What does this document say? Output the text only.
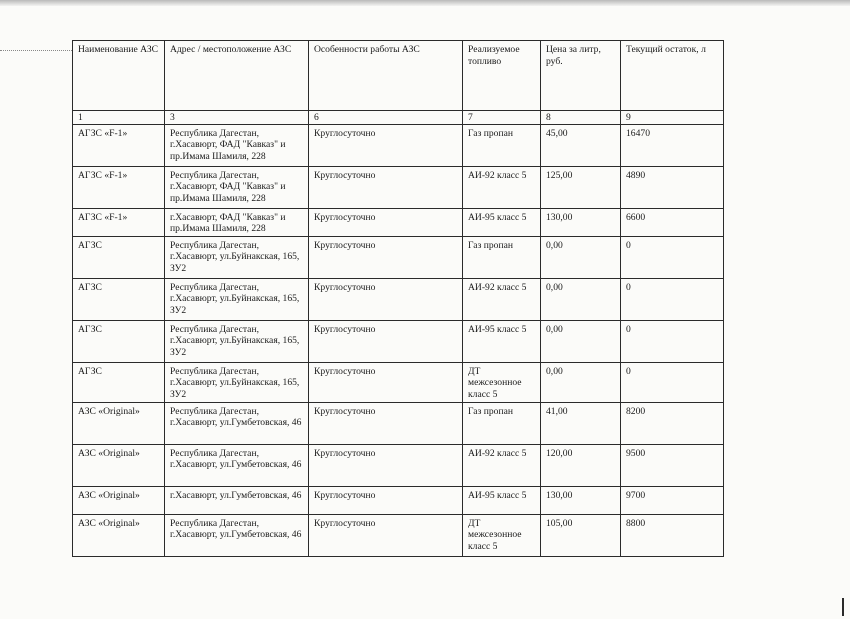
Наименование АЗС	Адрес / местоположение АЗС	Особенности работы АЗС	Реализуемое топливо	Цена за литр, руб.	Текущий остаток, л
1	3	6	7	8	9
АГЗС «F-1»	Республика Дагестан, г.Хасавюрт, ФАД "Кавказ" и пр.Имама Шамиля, 228	Круглосуточно	Газ пропан	45,00	16470
АГЗС «F-1»	Республика Дагестан, г.Хасавюрт, ФАД "Кавказ" и пр.Имама Шамиля, 228	Круглосуточно	АИ-92 класс 5	125,00	4890
АГЗС «F-1»	г.Хасавюрт, ФАД "Кавказ" и пр.Имама Шамиля, 228	Круглосуточно	АИ-95 класс 5	130,00	6600
АГЗС	Республика Дагестан, г.Хасавюрт, ул.Буйнакская, 165, ЗУ2	Круглосуточно	Газ пропан	0,00	0
АГЗС	Республика Дагестан, г.Хасавюрт, ул.Буйнакская, 165, ЗУ2	Круглосуточно	АИ-92 класс 5	0,00	0
АГЗС	Республика Дагестан, г.Хасавюрт, ул.Буйнакская, 165, ЗУ2	Круглосуточно	АИ-95 класс 5	0,00	0
АГЗС	Республика Дагестан, г.Хасавюрт, ул.Буйнакская, 165, ЗУ2	Круглосуточно	ДТ межсезонное класс 5	0,00	0
АЗС «Original»	Республика Дагестан, г.Хасавюрт, ул.Гумбетовская, 46	Круглосуточно	Газ пропан	41,00	8200
АЗС «Original»	Республика Дагестан, г.Хасавюрт, ул.Гумбетовская, 46	Круглосуточно	АИ-92 класс 5	120,00	9500
АЗС «Original»	г.Хасавюрт, ул.Гумбетовская, 46	Круглосуточно	АИ-95 класс 5	130,00	9700
АЗС «Original»	Республика Дагестан, г.Хасавюрт, ул.Гумбетовская, 46	Круглосуточно	ДТ межсезонное класс 5	105,00	8800
